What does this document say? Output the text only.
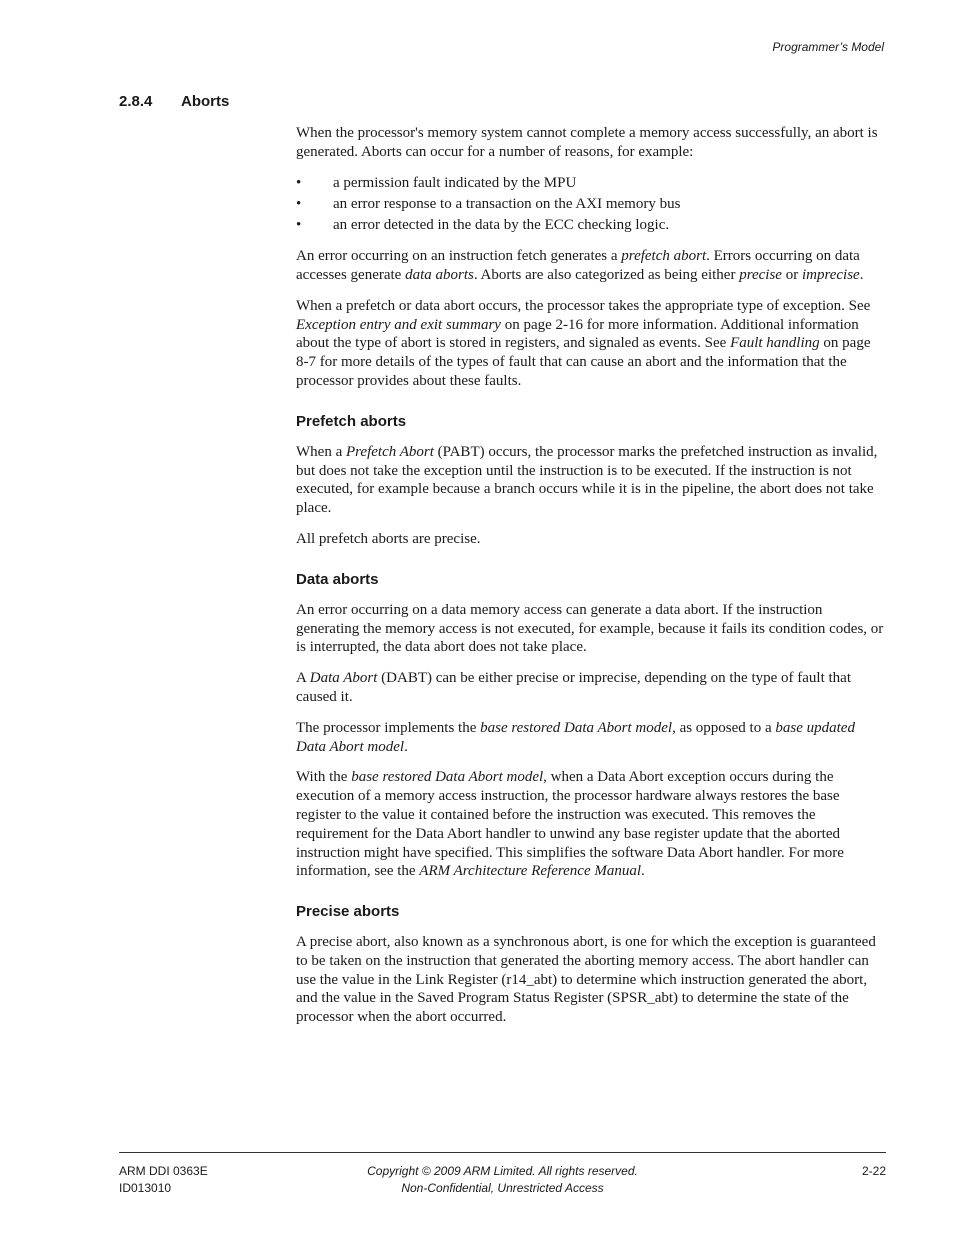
Programmer’s Model
2.8.4 Aborts

When the processor's memory system cannot complete a memory access successfully, an abort is generated. Aborts can occur for a number of reasons, for example:

• a permission fault indicated by the MPU
• an error response to a transaction on the AXI memory bus
• an error detected in the data by the ECC checking logic.

An error occurring on an instruction fetch generates a prefetch abort. Errors occurring on data accesses generate data aborts. Aborts are also categorized as being either precise or imprecise.

When a prefetch or data abort occurs, the processor takes the appropriate type of exception. See Exception entry and exit summary on page 2-16 for more information. Additional information about the type of abort is stored in registers, and signaled as events. See Fault handling on page 8-7 for more details of the types of fault that can cause an abort and the information that the processor provides about these faults.

Prefetch aborts

When a Prefetch Abort (PABT) occurs, the processor marks the prefetched instruction as invalid, but does not take the exception until the instruction is to be executed. If the instruction is not executed, for example because a branch occurs while it is in the pipeline, the abort does not take place.

All prefetch aborts are precise.

Data aborts

An error occurring on a data memory access can generate a data abort. If the instruction generating the memory access is not executed, for example, because it fails its condition codes, or is interrupted, the data abort does not take place.

A Data Abort (DABT) can be either precise or imprecise, depending on the type of fault that caused it.

The processor implements the base restored Data Abort model, as opposed to a base updated Data Abort model.

With the base restored Data Abort model, when a Data Abort exception occurs during the execution of a memory access instruction, the processor hardware always restores the base register to the value it contained before the instruction was executed. This removes the requirement for the Data Abort handler to unwind any base register update that the aborted instruction might have specified. This simplifies the software Data Abort handler. For more information, see the ARM Architecture Reference Manual.

Precise aborts

A precise abort, also known as a synchronous abort, is one for which the exception is guaranteed to be taken on the instruction that generated the aborting memory access. The abort handler can use the value in the Link Register (r14_abt) to determine which instruction generated the abort, and the value in the Saved Program Status Register (SPSR_abt) to determine the state of the processor when the abort occurred.

ARM DDI 0363E
ID013010
Copyright © 2009 ARM Limited. All rights reserved.
Non-Confidential, Unrestricted Access
2-22
